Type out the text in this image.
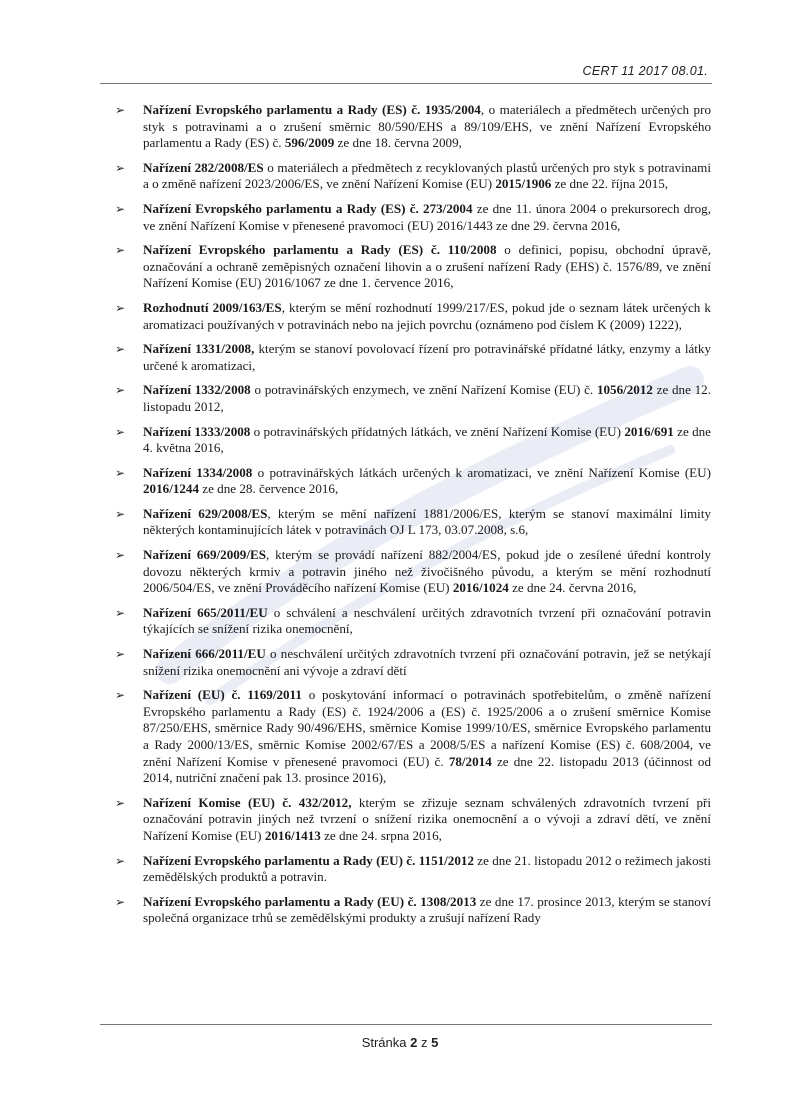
CERT 11 2017 08.01.
➢ Nařízení Evropského parlamentu a Rady (ES) č. 1935/2004, o materiálech a předmětech určených pro styk s potravinami a o zrušení směrnic 80/590/EHS a 89/109/EHS, ve znění Nařízení Evropského parlamentu a Rady (ES) č. 596/2009 ze dne 18. června 2009,
➢ Nařízení 282/2008/ES o materiálech a předmětech z recyklovaných plastů určených pro styk s potravinami a o změně nařízení 2023/2006/ES, ve znění Nařízení Komise (EU) 2015/1906 ze dne 22. října 2015,
➢ Nařízení Evropského parlamentu a Rady (ES) č. 273/2004 ze dne 11. února 2004 o prekursorech drog, ve znění Nařízení Komise v přenesené pravomoci (EU) 2016/1443 ze dne 29. června 2016,
➢ Nařízení Evropského parlamentu a Rady (ES) č. 110/2008 o definici, popisu, obchodní úpravě, označování a ochraně zeměpisných označení lihovin a o zrušení nařízení Rady (EHS) č. 1576/89, ve znění Nařízení Komise (EU) 2016/1067 ze dne 1. července 2016,
➢ Rozhodnutí 2009/163/ES, kterým se mění rozhodnutí 1999/217/ES, pokud jde o seznam látek určených k aromatizaci používaných v potravinách nebo na jejich povrchu (oznámeno pod číslem K (2009) 1222),
➢ Nařízení 1331/2008, kterým se stanoví povolovací řízení pro potravinářské přídatné látky, enzymy a látky určené k aromatizaci,
➢ Nařízení 1332/2008 o potravinářských enzymech, ve znění Nařízení Komise (EU) č. 1056/2012 ze dne 12. listopadu 2012,
➢ Nařízení 1333/2008 o potravinářských přídatných látkách, ve znění Nařízení Komise (EU) 2016/691 ze dne 4. května 2016,
➢ Nařízení 1334/2008 o potravinářských látkách určených k aromatizaci, ve znění Nařízení Komise (EU) 2016/1244 ze dne 28. července 2016,
➢ Nařízení 629/2008/ES, kterým se mění nařízení 1881/2006/ES, kterým se stanoví maximální limity některých kontaminujících látek v potravinách OJ L 173, 03.07.2008, s.6,
➢ Nařízení 669/2009/ES, kterým se provádí nařízení 882/2004/ES, pokud jde o zesílené úřední kontroly dovozu některých krmiv a potravin jiného než živočišného původu, a kterým se mění rozhodnutí 2006/504/ES, ve znění Prováděcího nařízení Komise (EU) 2016/1024 ze dne 24. června 2016,
➢ Nařízení 665/2011/EU o schválení a neschválení určitých zdravotních tvrzení při označování potravin týkajících se snížení rizika onemocnění,
➢ Nařízení 666/2011/EU o neschválení určitých zdravotních tvrzení při označování potravin, jež se netýkají snížení rizika onemocnění ani vývoje a zdraví dětí
➢ Nařízení (EU) č. 1169/2011 o poskytování informací o potravinách spotřebitelům, o změně nařízení Evropského parlamentu a Rady (ES) č. 1924/2006 a (ES) č. 1925/2006 a o zrušení směrnice Komise 87/250/EHS, směrnice Rady 90/496/EHS, směrnice Komise 1999/10/ES, směrnice Evropského parlamentu a Rady 2000/13/ES, směrnic Komise 2002/67/ES a 2008/5/ES a nařízení Komise (ES) č. 608/2004, ve znění Nařízení Komise v přenesené pravomoci (EU) č. 78/2014 ze dne 22. listopadu 2013 (účinnost od 2014, nutriční značení pak 13. prosince 2016),
➢ Nařízení Komise (EU) č. 432/2012, kterým se zřizuje seznam schválených zdravotních tvrzení při označování potravin jiných než tvrzení o snížení rizika onemocnění a o vývoji a zdraví dětí, ve znění Nařízení Komise (EU) 2016/1413 ze dne 24. srpna 2016,
➢ Nařízení Evropského parlamentu a Rady (EU) č. 1151/2012 ze dne 21. listopadu 2012 o režimech jakosti zemědělských produktů a potravin.
➢ Nařízení Evropského parlamentu a Rady (EU) č. 1308/2013 ze dne 17. prosince 2013, kterým se stanoví společná organizace trhů se zemědělskými produkty a zrušují nařízení Rady
Stránka 2 z 5
